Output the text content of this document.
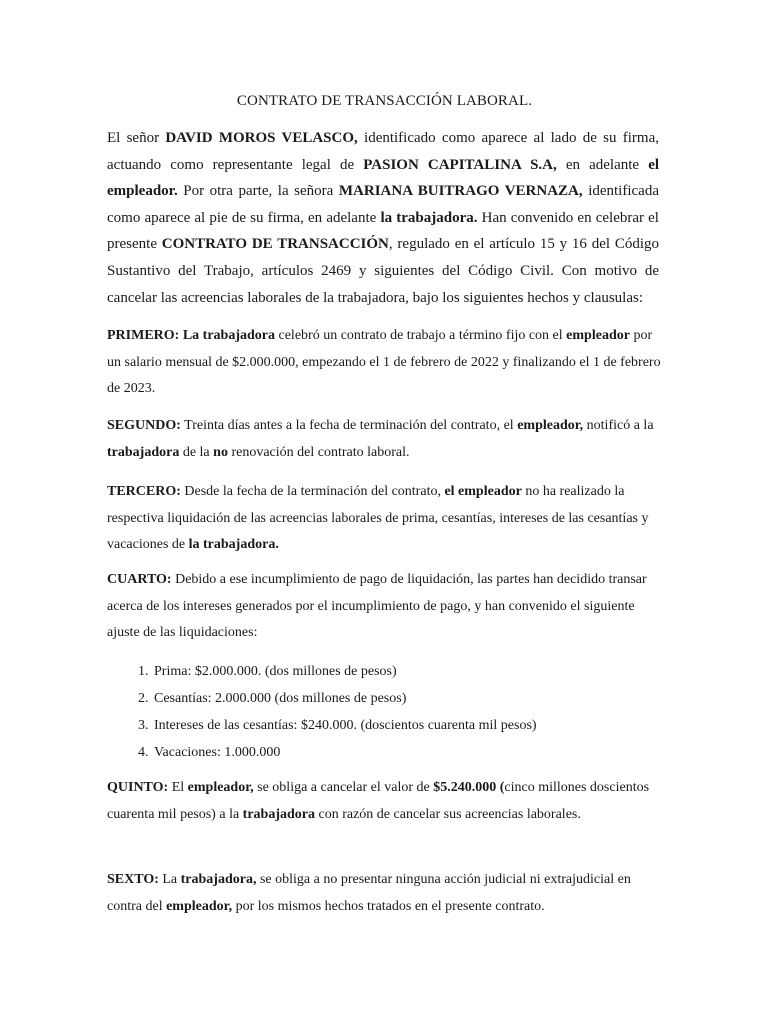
CONTRATO DE TRANSACCIÓN LABORAL.
El señor DAVID MOROS VELASCO, identificado como aparece al lado de su firma, actuando como representante legal de PASION CAPITALINA S.A, en adelante el empleador. Por otra parte, la señora MARIANA BUITRAGO VERNAZA, identificada como aparece al pie de su firma, en adelante la trabajadora. Han convenido en celebrar el presente CONTRATO DE TRANSACCIÓN, regulado en el artículo 15 y 16 del Código Sustantivo del Trabajo, artículos 2469 y siguientes del Código Civil. Con motivo de cancelar las acreencias laborales de la trabajadora, bajo los siguientes hechos y clausulas:
PRIMERO: La trabajadora celebró un contrato de trabajo a término fijo con el empleador por un salario mensual de $2.000.000, empezando el 1 de febrero de 2022 y finalizando el 1 de febrero de 2023.
SEGUNDO: Treinta días antes a la fecha de terminación del contrato, el empleador, notificó a la trabajadora de la no renovación del contrato laboral.
TERCERO: Desde la fecha de la terminación del contrato, el empleador no ha realizado la respectiva liquidación de las acreencias laborales de prima, cesantías, intereses de las cesantías y vacaciones de la trabajadora.
CUARTO: Debido a ese incumplimiento de pago de liquidación, las partes han decidido transar acerca de los intereses generados por el incumplimiento de pago, y han convenido el siguiente ajuste de las liquidaciones:
1. Prima: $2.000.000. (dos millones de pesos)
2. Cesantías: 2.000.000 (dos millones de pesos)
3. Intereses de las cesantías: $240.000. (doscientos cuarenta mil pesos)
4. Vacaciones: 1.000.000
QUINTO: El empleador, se obliga a cancelar el valor de $5.240.000 (cinco millones doscientos cuarenta mil pesos) a la trabajadora con razón de cancelar sus acreencias laborales.
SEXTO: La trabajadora, se obliga a no presentar ninguna acción judicial ni extrajudicial en contra del empleador, por los mismos hechos tratados en el presente contrato.
